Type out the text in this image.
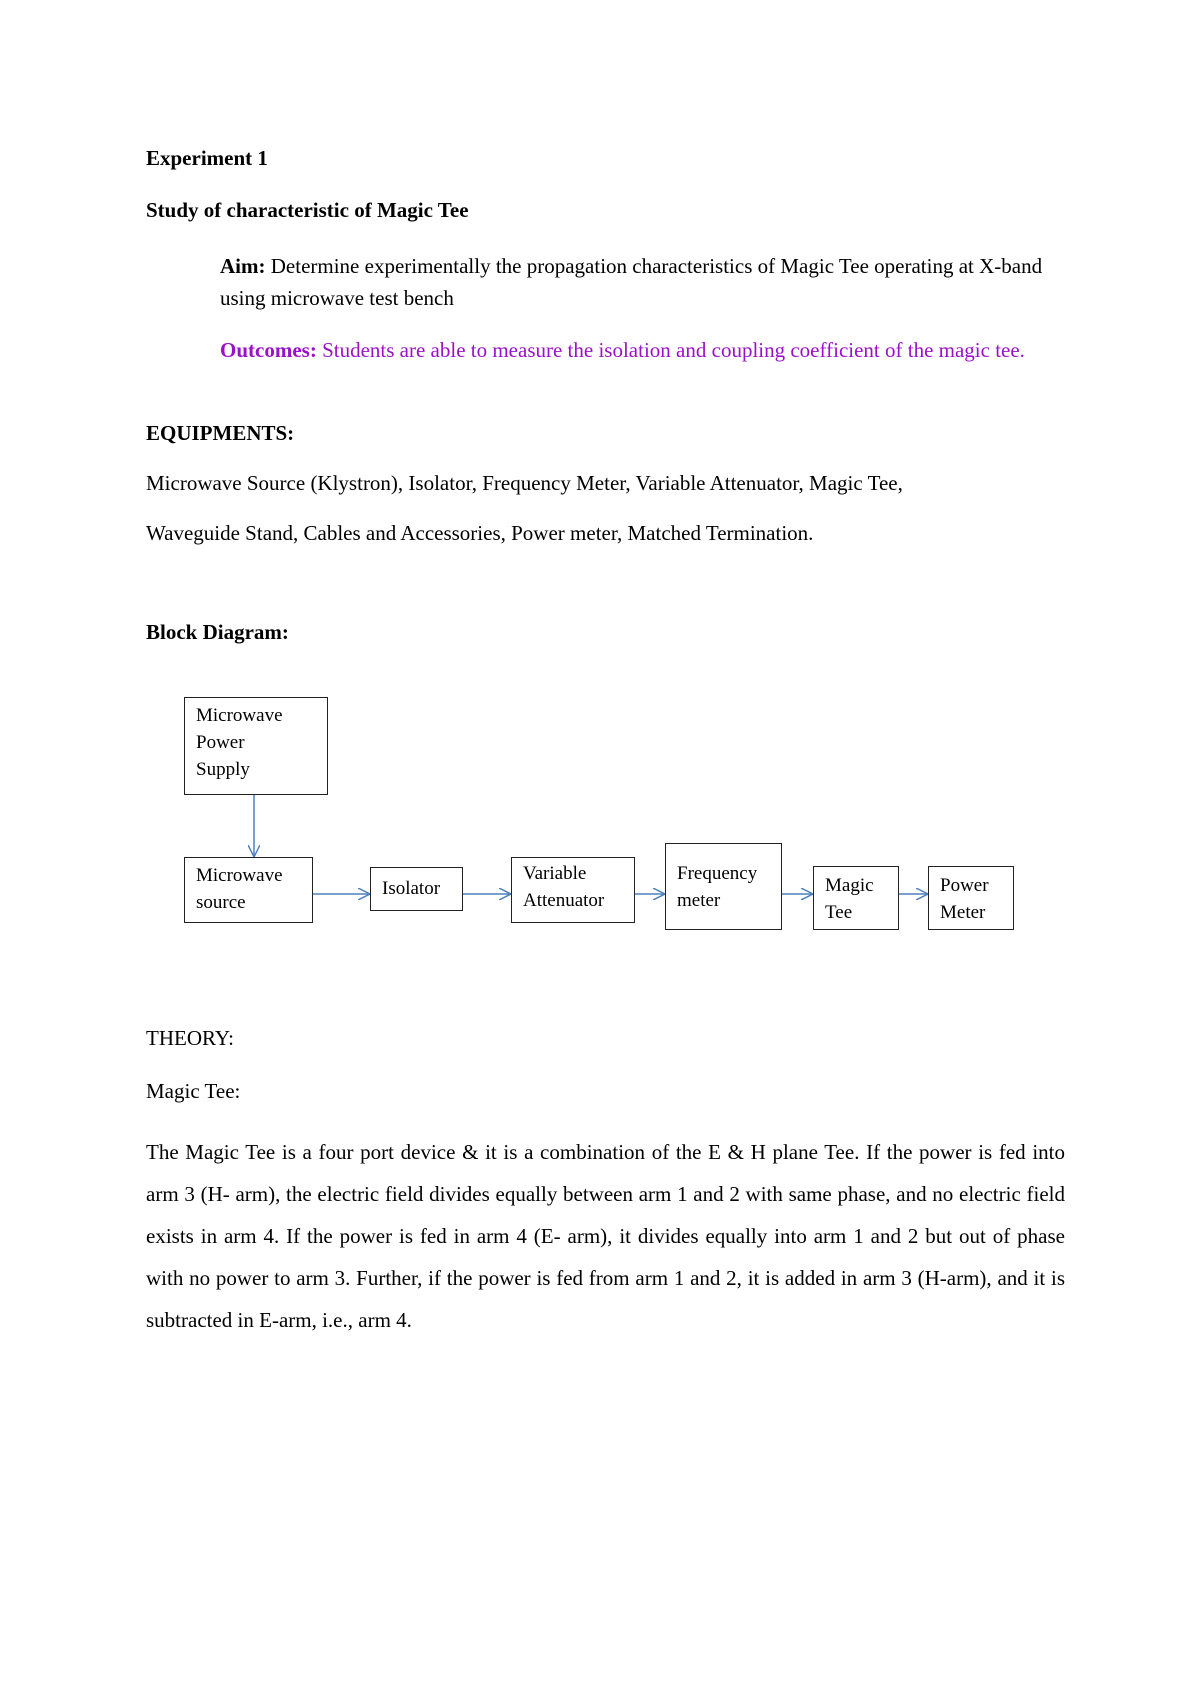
Experiment 1
Study of characteristic of Magic Tee
Aim: Determine experimentally the propagation characteristics of Magic Tee operating at X-band using microwave test bench
Outcomes: Students are able to measure the isolation and coupling coefficient of the magic tee.
EQUIPMENTS:
Microwave Source (Klystron), Isolator, Frequency Meter, Variable Attenuator, Magic Tee,
Waveguide Stand, Cables and Accessories, Power meter, Matched Termination.
Block Diagram:
Microwave
Power
Supply
Microwave
source
Isolator
Variable
Attenuator
Frequency
meter
Magic
Tee
Power
Meter
THEORY:
Magic Tee:
The Magic Tee is a four port device & it is a combination of the E & H plane Tee. If the power is fed into arm 3 (H- arm), the electric field divides equally between arm 1 and 2 with same phase, and no electric field exists in arm 4. If the power is fed in arm 4 (E- arm), it divides equally into arm 1 and 2 but out of phase with no power to arm 3. Further, if the power is fed from arm 1 and 2, it is added in arm 3 (H-arm), and it is subtracted in E-arm, i.e., arm 4.
